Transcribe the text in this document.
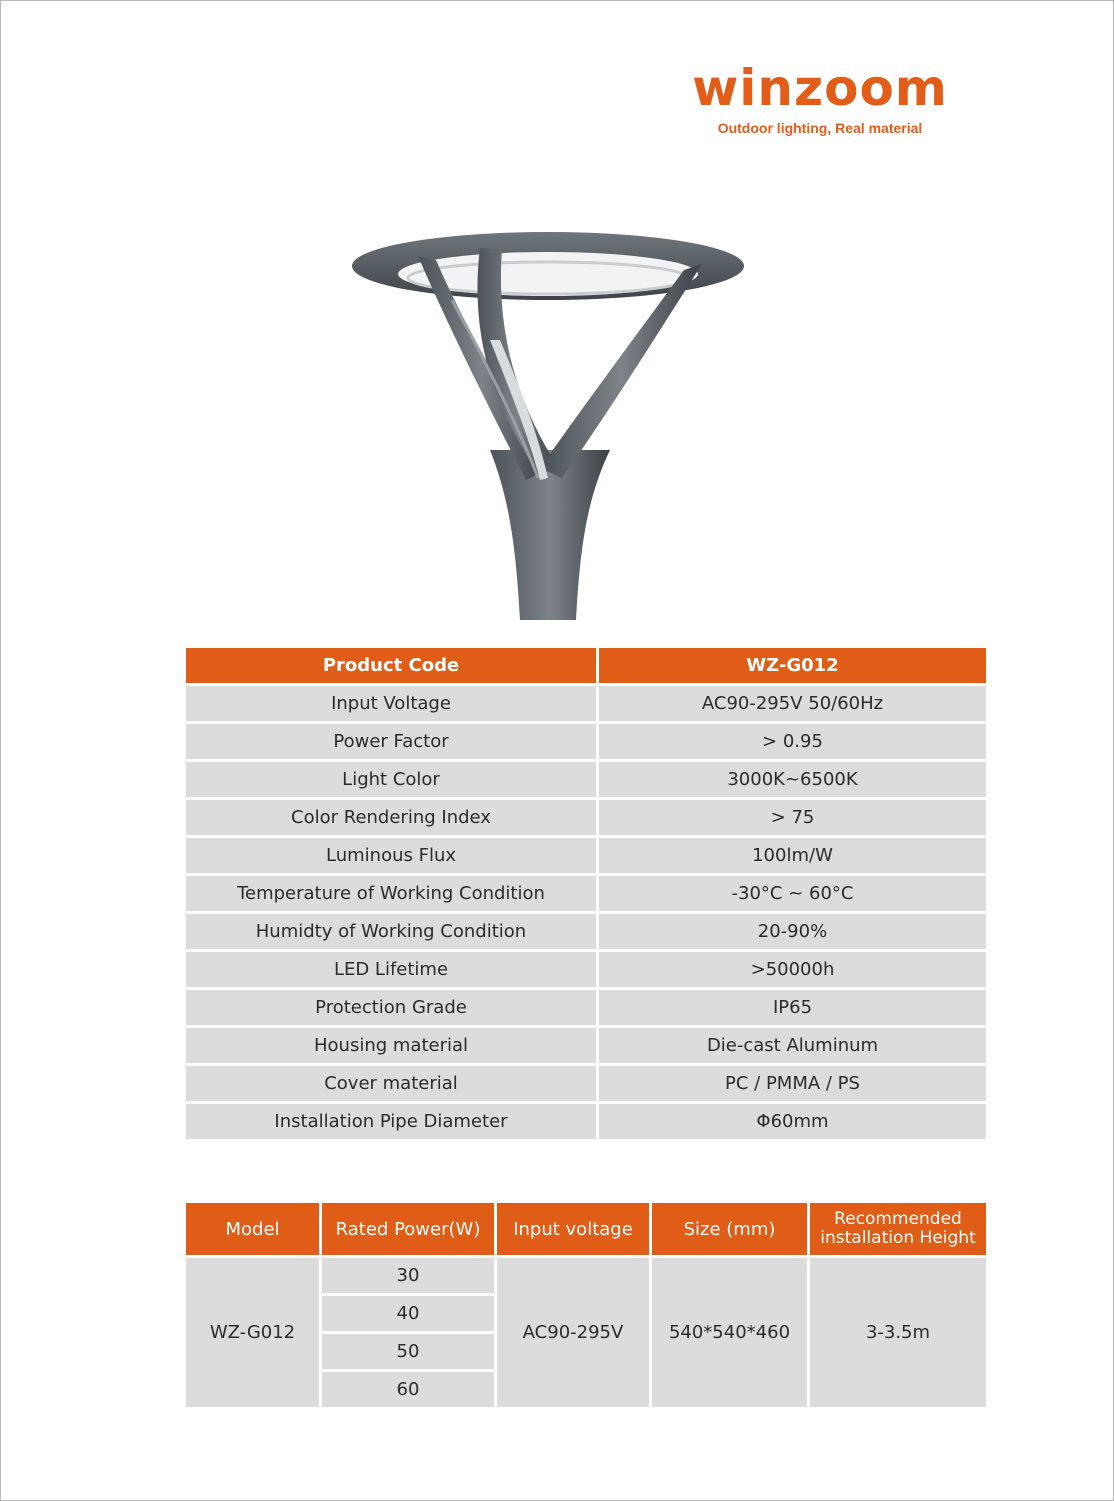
winzoom
Outdoor lighting, Real material
Product Code	WZ-G012
Input Voltage	AC90-295V 50/60Hz
Power Factor	> 0.95
Light Color	3000K~6500K
Color Rendering Index	> 75
Luminous Flux	100lm/W
Temperature of Working Condition	-30°C ~ 60°C
Humidty of Working Condition	20-90%
LED Lifetime	>50000h
Protection Grade	IP65
Housing material	Die-cast Aluminum
Cover material	PC / PMMA / PS
Installation Pipe Diameter	Φ60mm
Model	Rated Power(W)	Input voltage	Size (mm)	Recommended
installation Height
WZ-G012	30	AC90-295V	540*540*460	3-3.5m
	40			
	50			
	60			
